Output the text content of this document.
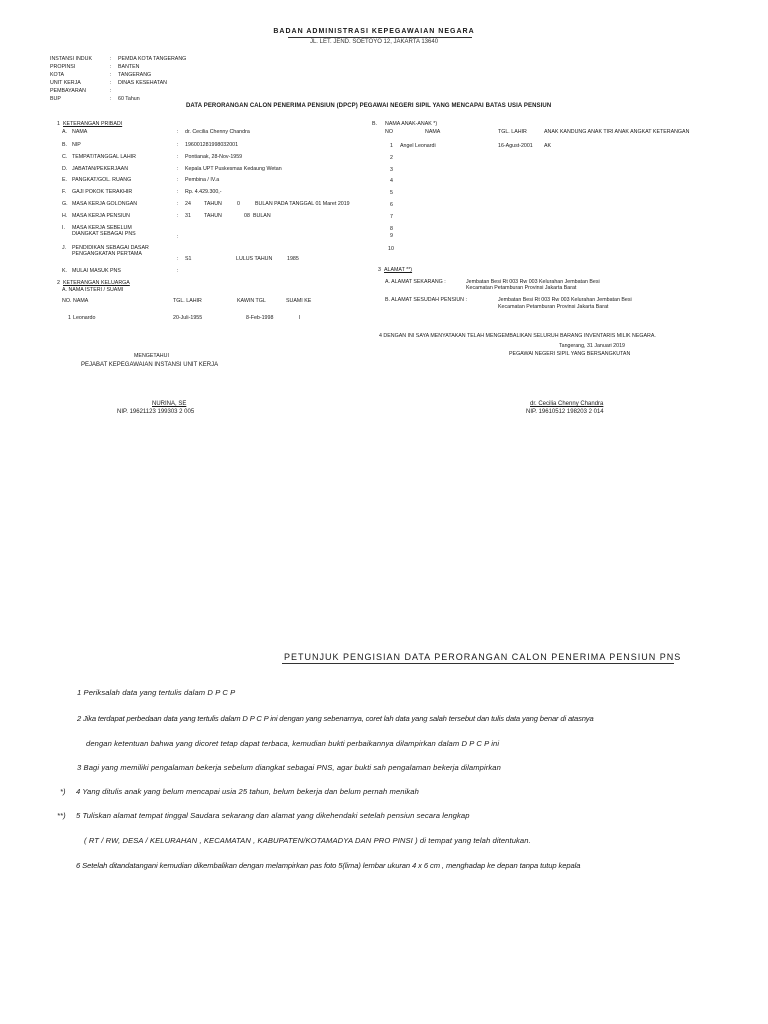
BADAN ADMINISTRASI KEPEGAWAIAN NEGARA
JL. LET. JEND. SOETOYO 12, JAKARTA 13640
INSTANSI INDUK	: PEMDA KOTA TANGERANG
PROPINSI	: BANTEN
KOTA	: TANGERANG
UNIT KERJA	: DINAS KESEHATAN
PEMBAYARAN	:
BUP	: 60 Tahun
DATA PERORANGAN CALON PENERIMA PENSIUN (DPCP) PEGAWAI NEGERI SIPIL YANG MENCAPAI BATAS USIA PENSIUN
1 KETERANGAN PRIBADI
A. NAMA	: dr. Cecilia Chenny Chandra
B. NIP	: 196001281998032001
C. TEMPAT/TANGGAL LAHIR	: Pontianak, 28-Nov-1959
D. JABATAN/PEKERJAAN	: Kepala UPT Puskesmas Kedaung Wetan
E. PANGKAT/GOL. RUANG	: Pembina / IV.a
F. GAJI POKOK TERAKHIR	: Rp. 4.429.300,-
G. MASA KERJA GOLONGAN	: 24 TAHUN	0	BULAN PADA TANGGAL 01 Maret 2019
H. MASA KERJA PENSIUN	: 31 TAHUN	08 BULAN
I. MASA KERJA SEBELUM
DIANGKAT SEBAGAI PNS	:
J. PENDIDIKAN SEBAGAI DASAR
PENGANGKATAN PERTAMA
: S1	LULUS TAHUN	1985
K. MULAI MASUK PNS	:
2 KETERANGAN KELUARGA
A. NAMA ISTERI / SUAMI
NO. NAMA	TGL. LAHIR	KAWIN TGL	SUAMI KE
1 Leonardo	20-Juli-1955	8-Feb-1998	I
B. NAMA ANAK-ANAK *)
NO	NAMA	TGL. LAHIR	ANAK KANDUNG ANAK TIRI ANAK ANGKAT KETERANGAN
1 Angel Leonardi	16-Agust-2001 AK
2
3
4
5
6
7
8
9
10
3 ALAMAT **)
A. ALAMAT SEKARANG :	Jembatan Besi Rt 003 Rw 003 Kelurahan Jembatan Besi
Kecamatan Petamburan Provinsi Jakarta Barat
B. ALAMAT SESUDAH PENSIUN :	Jembatan Besi Rt 003 Rw 003 Kelurahan Jembatan Besi
Kecamatan Petamburan Provinsi Jakarta Barat
4 DENGAN INI SAYA MENYATAKAN TELAH MENGEMBALIKAN SELURUH BARANG INVENTARIS MILIK NEGARA.
Tangerang, 31 Januari 2019
PEGAWAI NEGERI SIPIL YANG BERSANGKUTAN
MENGETAHUI
PEJABAT KEPEGAWAIAN INSTANSI UNIT KERJA
NURINA, SE
NIP. 19621123 199303 2 005
dr. Cecilia Chenny Chandra
NIP. 19610512 198203 2 014
PETUNJUK PENGISIAN DATA PERORANGAN CALON PENERIMA PENSIUN PNS
1 Periksalah data yang tertulis dalam D P C P
2 Jika terdapat perbedaan data yang tertulis dalam D P C P ini dengan yang sebenarnya, coret lah data yang salah tersebut dan tulis data yang benar di atasnya
dengan ketentuan bahwa yang dicoret tetap dapat terbaca, kemudian bukti perbaikannya dilampirkan dalam D P C P ini
3 Bagi yang memiliki pengalaman bekerja sebelum diangkat sebagai PNS, agar bukti sah pengalaman bekerja dilampirkan
*) 4 Yang ditulis anak yang belum mencapai usia 25 tahun, belum bekerja dan belum pernah menikah
**) 5 Tuliskan alamat tempat tinggal Saudara sekarang dan alamat yang dikehendaki setelah pensiun secara lengkap
( RT / RW, DESA / KELURAHAN , KECAMATAN , KABUPATEN/KOTAMADYA DAN PRO PINSI ) di tempat yang telah ditentukan.
6 Setelah ditandatangani kemudian dikembalikan dengan melampirkan pas foto 5(lima) lembar ukuran 4 x 6 cm , menghadap ke depan tanpa tutup kepala
